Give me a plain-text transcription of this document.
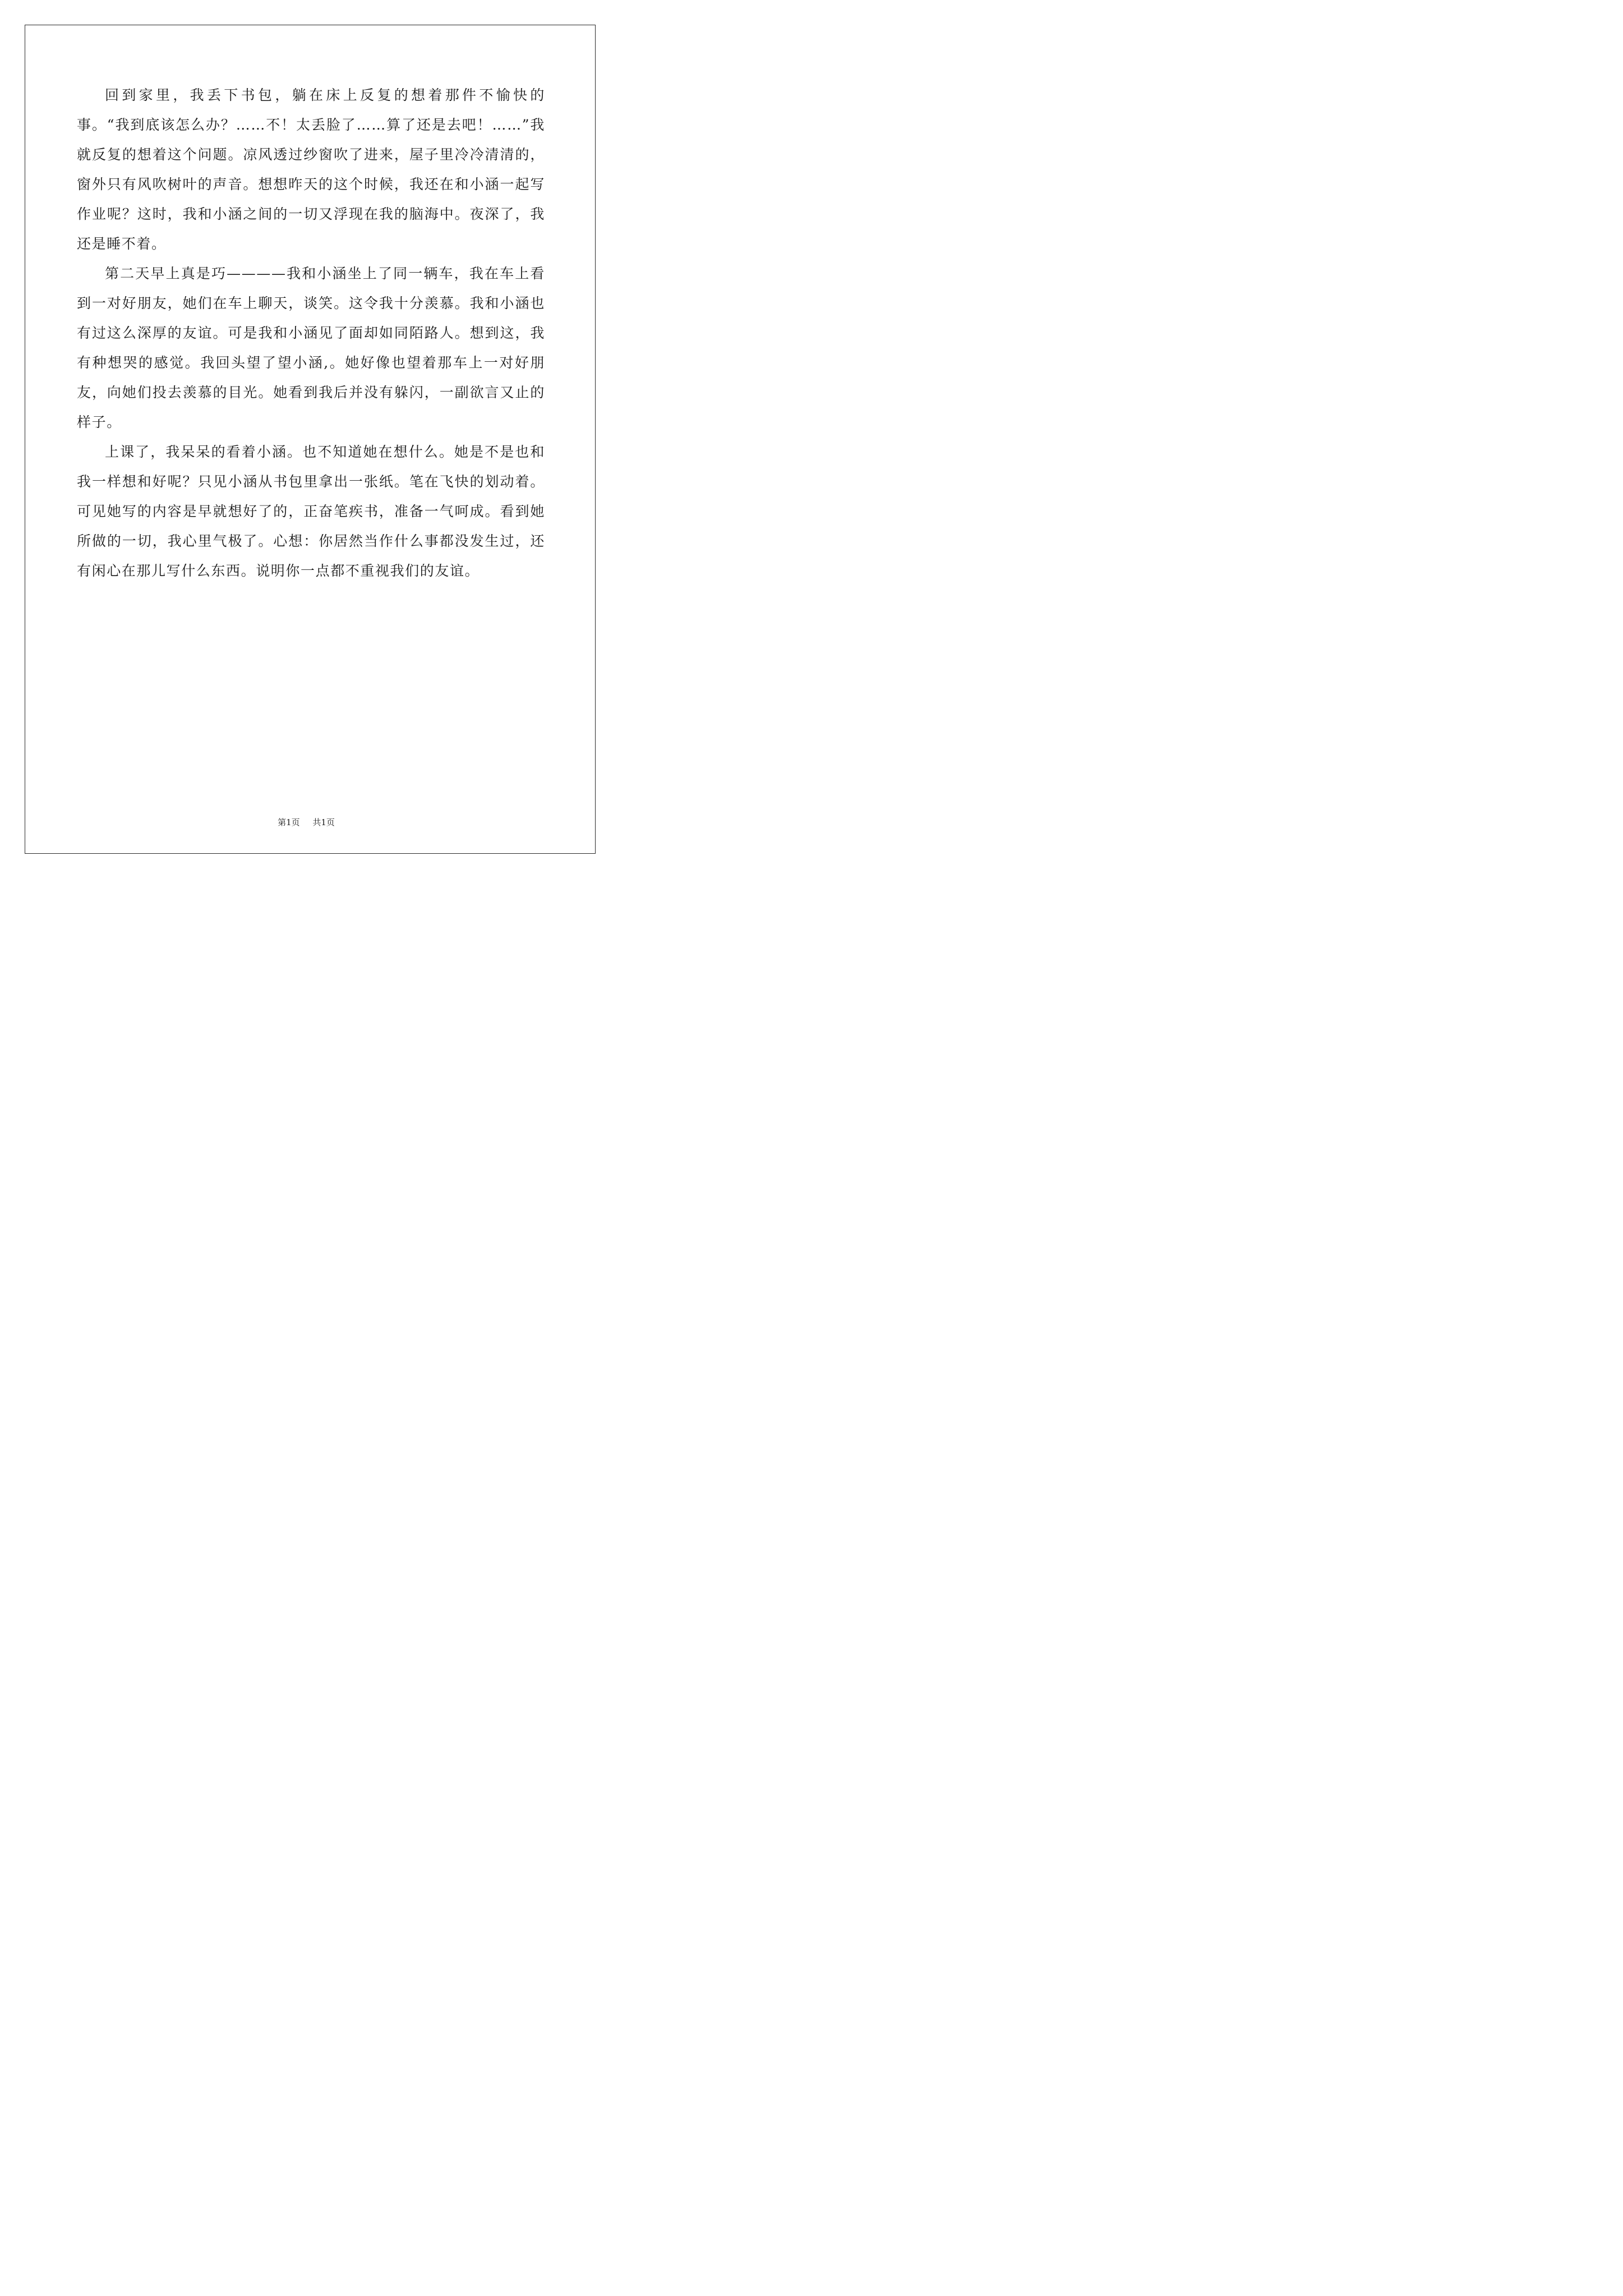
回到家里，我丢下书包，躺在床上反复的想着那件不愉快的事。“我到底该怎么办？……不！太丢脸了……算了还是去吧！……”我就反复的想着这个问题。凉风透过纱窗吹了进来，屋子里冷冷清清的，窗外只有风吹树叶的声音。想想昨天的这个时候，我还在和小涵一起写作业呢？这时，我和小涵之间的一切又浮现在我的脑海中。夜深了，我还是睡不着。

第二天早上真是巧————我和小涵坐上了同一辆车，我在车上看到一对好朋友，她们在车上聊天，谈笑。这令我十分羡慕。我和小涵也有过这么深厚的友谊。可是我和小涵见了面却如同陌路人。想到这，我有种想哭的感觉。我回头望了望小涵,。她好像也望着那车上一对好朋友，向她们投去羡慕的目光。她看到我后并没有躲闪，一副欲言又止的样子。

上课了，我呆呆的看着小涵。也不知道她在想什么。她是不是也和我一样想和好呢？只见小涵从书包里拿出一张纸。笔在飞快的划动着。 可见她写的内容是早就想好了的，正奋笔疾书，准备一气呵成。看到她所做的一切，我心里气极了。心想：你居然当作什么事都没发生过，还有闲心在那儿写什么东西。说明你一点都不重视我们的友谊。

第1页 共1页
